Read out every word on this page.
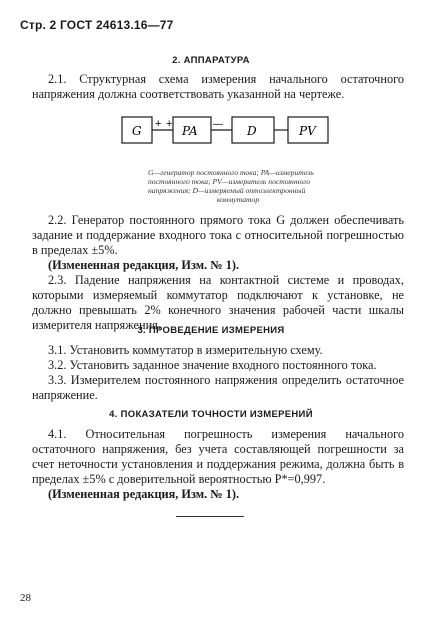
Стр. 2 ГОСТ 24613.16—77
2. АППАРАТУРА

2.1. Структурная схема измерения начального остаточного напряжения должна соответствовать указанной на чертеже.

G	PA	D	PV
+ +	—
G—генератор постоянного тока; PA—измеритель
постоянного тока; PV—измеритель постоянного
напряжения; D—измеряемый оптоэлектронный
коммутатор

2.2. Генератор постоянного прямого тока G должен обеспечивать задание и поддержание входного тока с относительной погрешностью в пределах ±5%.

(Измененная редакция, Изм. № 1).

2.3. Падение напряжения на контактной системе и проводах, которыми измеряемый коммутатор подключают к установке, не должно превышать 2% конечного значения рабочей части шкалы измерителя напряжения.

3. ПРОВЕДЕНИЕ ИЗМЕРЕНИЯ

3.1. Установить коммутатор в измерительную схему.

3.2. Установить заданное значение входного постоянного тока.

3.3. Измерителем постоянного напряжения определить остаточное напряжение.

4. ПОКАЗАТЕЛИ ТОЧНОСТИ ИЗМЕРЕНИЙ

4.1. Относительная погрешность измерения начального остаточного напряжения, без учета составляющей погрешности за счет неточности установления и поддержания режима, должна быть в пределах ±5% с доверительной вероятностью P*=0,997.

(Измененная редакция, Изм. № 1).

28
